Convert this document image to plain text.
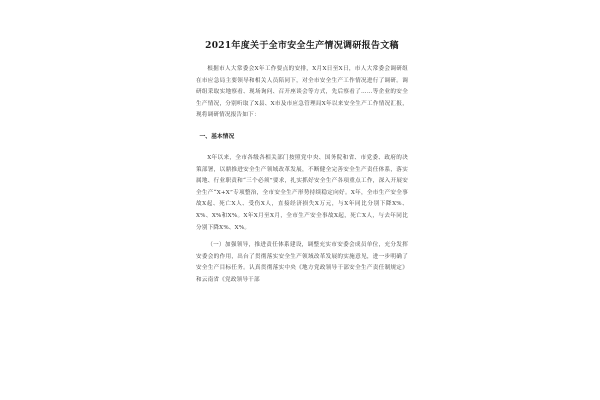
2021年度关于全市安全生产情况调研报告文稿

根据市人大常委会X年工作要点的安排，X月X日至X日，市人大常委会调研组在市应急局主要领导和相关人员陪同下，对全市安全生产工作情况进行了调研。调研组采取实地察看、现场询问、召开座谈会等方式，先后察看了……等企业的安全生产情况，分别听取了X县、X市及市应急管理局X年以来安全生产工作情况汇报，现将调研情况报告如下：

一、基本情况

X年以来，全市各级各相关部门按照党中央、国务院和省、市党委、政府的决策部署，以鼎推进安全生产领域改革发展，不断健全完善安全生产责任体系，落实属地、行业职责和“三个必须”要求，扎实抓好安全生产各项重点工作，深入开展安全生产“X+X”专项整治，全市安全生产形势持续稳定向好。X年，全市生产安全事故X起、死亡X人、受伤X人，直接经济损失X万元，与X年同比分别下降X%、X%、X%和X%。X年X月至X月，全市生产安全事故X起，死亡X人，与去年同比分别下降X%、X%。

（一）加强领导，推进责任体系建设，调整充实市安委会成员单位，充分发挥安委会的作用，出台了贯彻落实安全生产领域改革发展的实施意见，进一步明确了安全生产目标任务。认真贯彻落实中央《地方党政领导干部安全生产责任制规定》和云南省《党政领导干部
